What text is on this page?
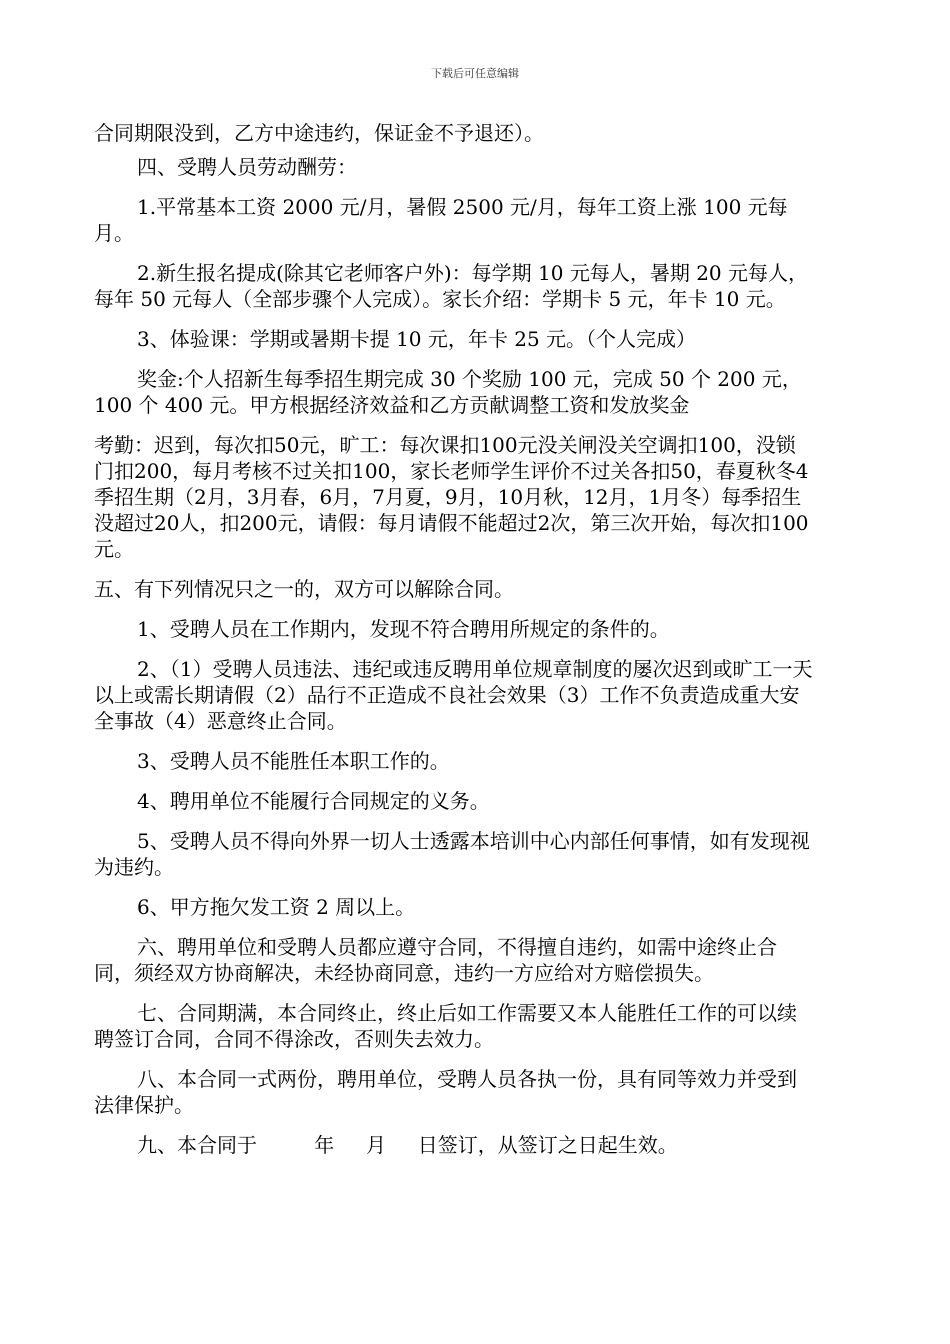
下载后可任意编辑

合同期限没到，乙方中途违约，保证金不予退还）。

四、受聘人员劳动酬劳：

1.平常基本工资 2000 元/月，暑假 2500 元/月，每年工资上涨 100 元每月。

2.新生报名提成(除其它老师客户外)：每学期 10 元每人，暑期 20 元每人，每年 50 元每人（全部步骤个人完成）。家长介绍：学期卡 5 元，年卡 10 元。

3、体验课：学期或暑期卡提 10 元，年卡 25 元。（个人完成）

奖金:个人招新生每季招生期完成 30 个奖励 100 元，完成 50 个 200 元，100 个 400 元。甲方根据经济效益和乙方贡献调整工资和发放奖金

考勤：迟到，每次扣50元，旷工：每次课扣100元没关闸没关空调扣100，没锁门扣200，每月考核不过关扣100，家长老师学生评价不过关各扣50，春夏秋冬4季招生期（2月，3月春，6月，7月夏，9月，10月秋，12月，1月冬）每季招生没超过20人，扣200元，请假：每月请假不能超过2次，第三次开始，每次扣100元。

五、有下列情况只之一的，双方可以解除合同。

1、受聘人员在工作期内，发现不符合聘用所规定的条件的。

2、（1）受聘人员违法、违纪或违反聘用单位规章制度的屡次迟到或旷工一天以上或需长期请假（2）品行不正造成不良社会效果（3）工作不负责造成重大安全事故（4）恶意终止合同。

3、受聘人员不能胜任本职工作的。

4、聘用单位不能履行合同规定的义务。

5、受聘人员不得向外界一切人士透露本培训中心内部任何事情，如有发现视为违约。

6、甲方拖欠发工资 2 周以上。

六、聘用单位和受聘人员都应遵守合同，不得擅自违约，如需中途终止合同，须经双方协商解决，未经协商同意，违约一方应给对方赔偿损失。

七、合同期满，本合同终止，终止后如工作需要又本人能胜任工作的可以续聘签订合同，合同不得涂改，否则失去效力。

八、本合同一式两份，聘用单位，受聘人员各执一份，具有同等效力并受到法律保护。

九、本合同于         年     月     日签订，从签订之日起生效。
